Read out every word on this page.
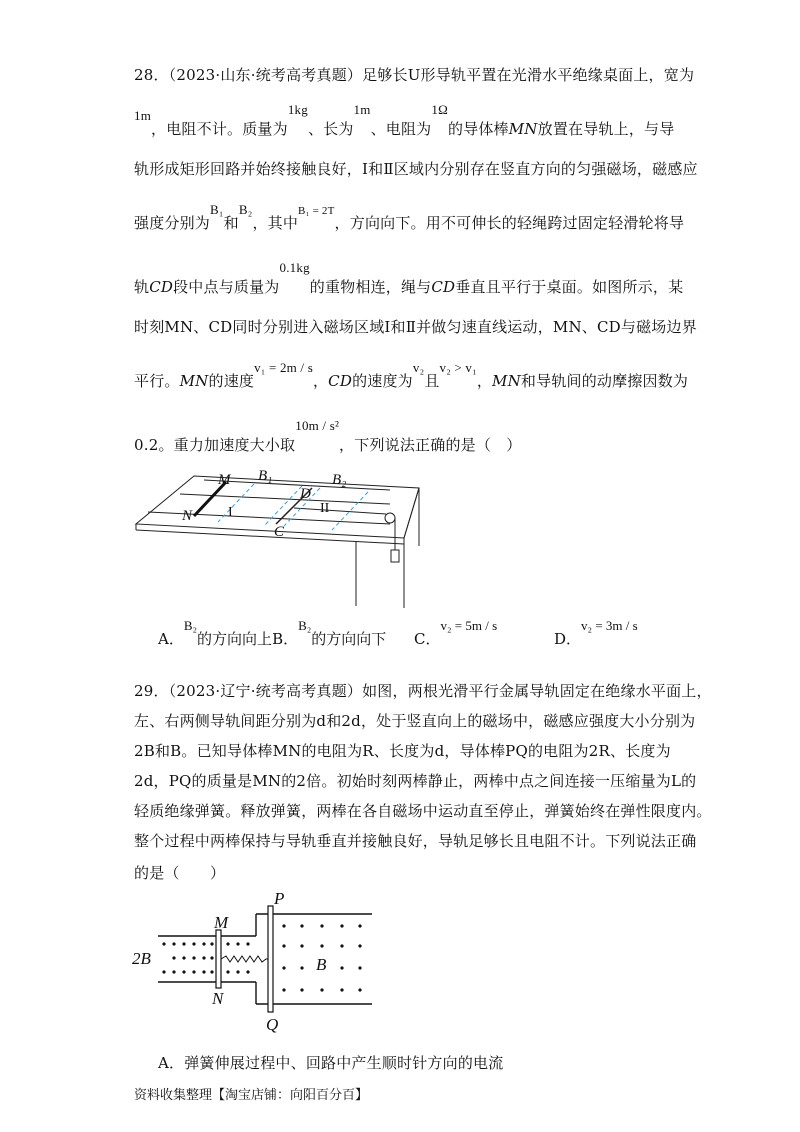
28．（2023·山东·统考高考真题）足够长U形导轨平置在光滑水平绝缘桌面上，宽为
1m，电阻不计。质量为1kg、长为1m、电阻为1Ω的导体棒MN放置在导轨上，与导
轨形成矩形回路并始终接触良好，Ⅰ和Ⅱ区域内分别存在竖直方向的匀强磁场，磁感应
强度分别为B₁和B₂，其中$^{B_1 = 2T}$，方向向下。用不可伸长的轻绳跨过固定轻滑轮将导
轨CD段中点与质量为0.1kg的重物相连，绳与CD垂直且平行于桌面。如图所示，某
时刻MN、CD同时分别进入磁场区域Ⅰ和Ⅱ并做匀速直线运动，MN、CD与磁场边界
平行。MN的速度v₁ = 2m / s，CD的速度为v₂且v₂ > v₁，MN和导轨间的动摩擦因数为
0.2。重力加速度大小取10m / s²，下列说法正确的是（　）
M
N
B₁	B₂
D
C
I	II
A．B₂的方向向上B．B₂的方向向下 C．v₂ = 5m / s
D．v₂ = 3m / s
29．（2023·辽宁·统考高考真题）如图，两根光滑平行金属导轨固定在绝缘水平面上，
左、右两侧导轨间距分别为d和2d，处于竖直向上的磁场中，磁感应强度大小分别为
2B和B。已知导体棒MN的电阻为R、长度为d，导体棒PQ的电阻为2R、长度为
2d，PQ的质量是MN的2倍。初始时刻两棒静止，两棒中点之间连接一压缩量为L的
轻质绝缘弹簧。释放弹簧，两棒在各自磁场中运动直至停止，弹簧始终在弹性限度内。
整个过程中两棒保持与导轨垂直并接触良好，导轨足够长且电阻不计。下列说法正确
的是（　　）
P
M
N
Q
B
2B
A．弹簧伸展过程中、回路中产生顺时针方向的电流
资料收集整理【淘宝店铺：向阳百分百】
